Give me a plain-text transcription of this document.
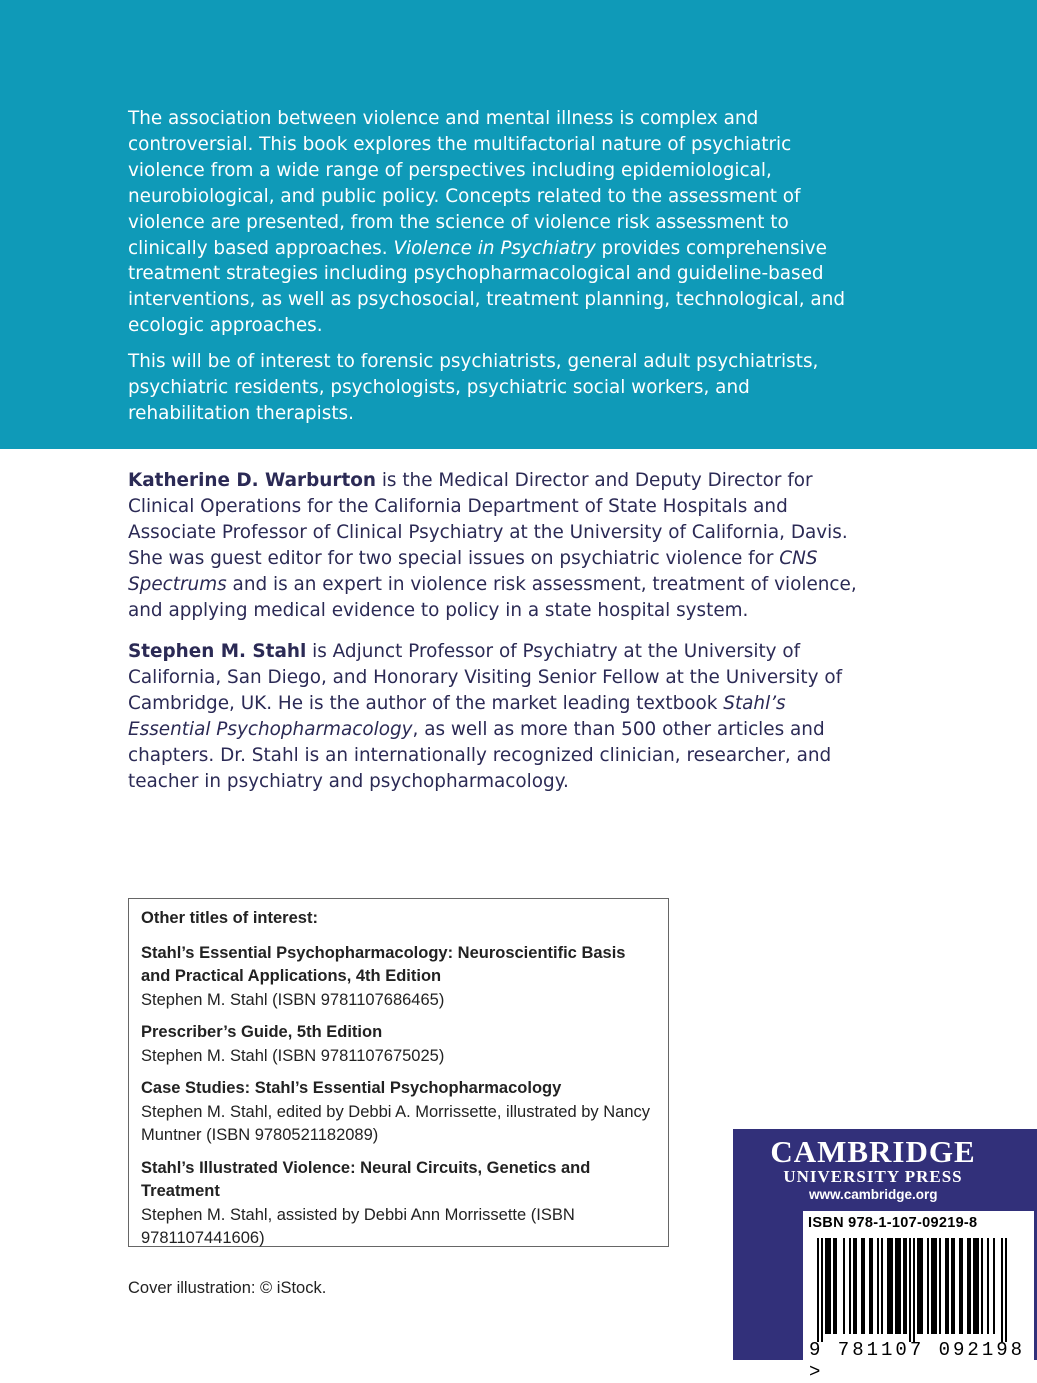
The association between violence and mental illness is complex and controversial. This book explores the multifactorial nature of psychiatric violence from a wide range of perspectives including epidemiological, neurobiological, and public policy. Concepts related to the assessment of violence are presented, from the science of violence risk assessment to clinically based approaches. Violence in Psychiatry provides comprehensive treatment strategies including psychopharmacological and guideline-based interventions, as well as psychosocial, treatment planning, technological, and ecologic approaches.

This will be of interest to forensic psychiatrists, general adult psychiatrists, psychiatric residents, psychologists, psychiatric social workers, and rehabilitation therapists.

Katherine D. Warburton is the Medical Director and Deputy Director for Clinical Operations for the California Department of State Hospitals and Associate Professor of Clinical Psychiatry at the University of California, Davis. She was guest editor for two special issues on psychiatric violence for CNS Spectrums and is an expert in violence risk assessment, treatment of violence, and applying medical evidence to policy in a state hospital system.

Stephen M. Stahl is Adjunct Professor of Psychiatry at the University of California, San Diego, and Honorary Visiting Senior Fellow at the University of Cambridge, UK. He is the author of the market leading textbook Stahl’s Essential Psychopharmacology, as well as more than 500 other articles and chapters. Dr. Stahl is an internationally recognized clinician, researcher, and teacher in psychiatry and psychopharmacology.

Other titles of interest:
Stahl’s Essential Psychopharmacology: Neuroscientific Basis and Practical Applications, 4th Edition
Stephen M. Stahl (ISBN 9781107686465)
Prescriber’s Guide, 5th Edition
Stephen M. Stahl (ISBN 9781107675025)
Case Studies: Stahl’s Essential Psychopharmacology
Stephen M. Stahl, edited by Debbi A. Morrissette, illustrated by Nancy Muntner (ISBN 9780521182089)
Stahl’s Illustrated Violence: Neural Circuits, Genetics and Treatment
Stephen M. Stahl, assisted by Debbi Ann Morrissette (ISBN 9781107441606)
Cover illustration: © iStock.
CAMBRIDGE
UNIVERSITY PRESS
www.cambridge.org
ISBN 978-1-107-09219-8
9 781107 092198 >
